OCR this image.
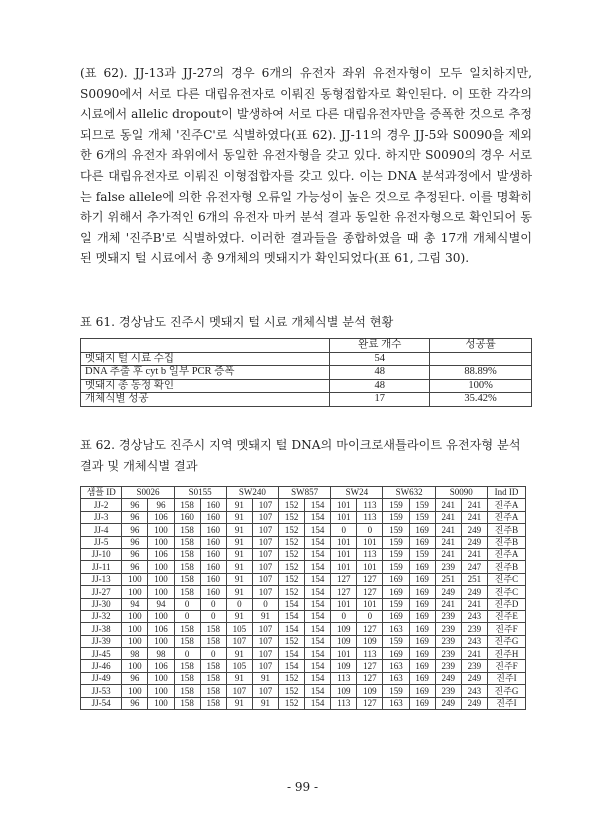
(표 62). JJ-13과 JJ-27의 경우 6개의 유전자 좌위 유전자형이 모두 일치하지만, S0090에서 서로 다른 대립유전자로 이뤄진 동형접합자로 확인된다. 이 또한 각각의 시료에서 allelic dropout이 발생하여 서로 다른 대립유전자만을 증폭한 것으로 추정되므로 동일 개체 '진주C'로 식별하였다(표 62). JJ-11의 경우 JJ-5와 S0090을 제외한 6개의 유전자 좌위에서 동일한 유전자형을 갖고 있다. 하지만 S0090의 경우 서로 다른 대립유전자로 이뤄진 이형접합자를 갖고 있다. 이는 DNA 분석과정에서 발생하는 false allele에 의한 유전자형 오류일 가능성이 높은 것으로 추정된다. 이를 명확히 하기 위해서 추가적인 6개의 유전자 마커 분석 결과 동일한 유전자형으로 확인되어 동일 개체 '진주B'로 식별하였다. 이러한 결과들을 종합하였을 때 총 17개 개체식별이 된 멧돼지 털 시료에서 총 9개체의 멧돼지가 확인되었다(표 61, 그림 30).

표 61. 경상남도 진주시 멧돼지 털 시료 개체식별 분석 현황
	완료 개수	성공률
멧돼지 털 시료 수집	54	
DNA 추출 후 cyt b 일부 PCR 증폭	48	88.89%
멧돼지 종 동정 확인	48	100%
개체식별 성공	17	35.42%
표 62. 경상남도 진주시 지역 멧돼지 털 DNA의 마이크로새틀라이트 유전자형 분석 결과 및 개체식별 결과
샘플 ID	S0026		S0155		SW240		SW857		SW24		SW632		S0090		Ind ID
JJ-2	96	96	158	160	91	107	152	154	101	113	159	159	241	241	진주A
JJ-3	96	106	160	160	91	107	152	154	101	113	159	159	241	241	진주A
JJ-4	96	100	158	160	91	107	152	154	0	0	159	169	241	249	진주B
JJ-5	96	100	158	160	91	107	152	154	101	101	159	169	241	249	진주B
JJ-10	96	106	158	160	91	107	152	154	101	113	159	159	241	241	진주A
JJ-11	96	100	158	160	91	107	152	154	101	101	159	169	239	247	진주B
JJ-13	100	100	158	160	91	107	152	154	127	127	169	169	251	251	진주C
JJ-27	100	100	158	160	91	107	152	154	127	127	169	169	249	249	진주C
JJ-30	94	94	0	0	0	0	154	154	101	101	159	169	241	241	진주D
JJ-32	100	100	0	0	91	91	154	154	0	0	169	169	239	243	진주E
JJ-38	100	106	158	158	105	107	154	154	109	127	163	169	239	239	진주F
JJ-39	100	100	158	158	107	107	152	154	109	109	159	169	239	243	진주G
JJ-45	98	98	0	0	91	107	154	154	101	113	169	169	239	241	진주H
JJ-46	100	106	158	158	105	107	154	154	109	127	163	169	239	239	진주F
JJ-49	96	100	158	158	91	91	152	154	113	127	163	169	249	249	진주I
JJ-53	100	100	158	158	107	107	152	154	109	109	159	169	239	243	진주G
JJ-54	96	100	158	158	91	91	152	154	113	127	163	169	249	249	진주I
- 99 -
